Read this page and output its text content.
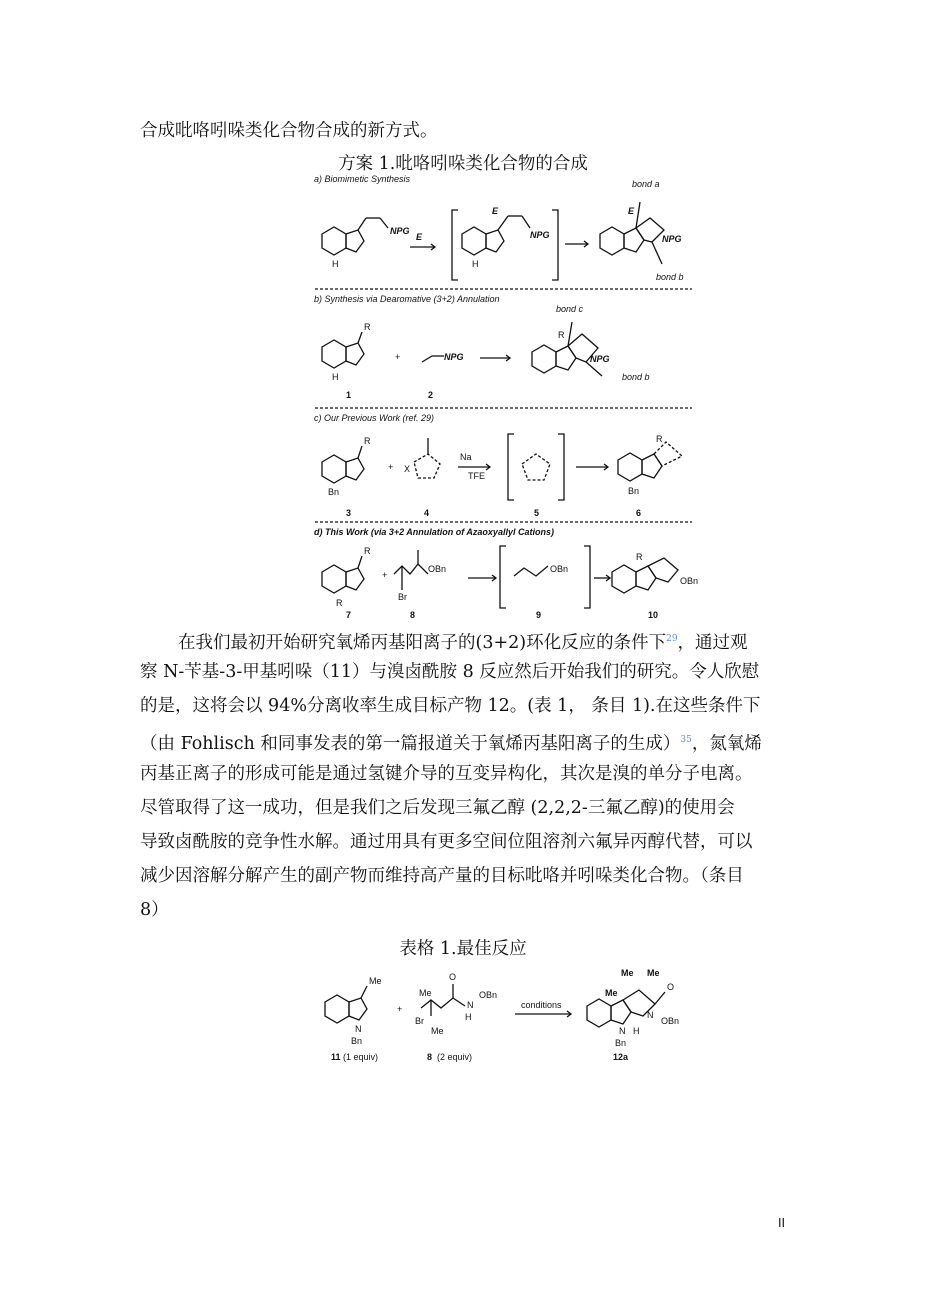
合成吡咯吲哚类化合物合成的新方式。
方案 1.吡咯吲哚类化合物的合成
a) Biomimetic Synthesis
b) Synthesis via Dearomative (3+2) Annulation
c) Our Previous Work (ref. 29)
d) This Work (via 3+2 Annulation of Azaoxyallyl Cations)
NPG
H
E
E
NPG
H
bond a
E
NPG
bond b
R
H
+	NPG
bond c
R
NPG
bond b
1	2
R
Bn
+ X
Na
TFE
Bn
R
3	4	5	6
R
R
+
OBn
Br
OBn
OBn
R
7	8	9	10
在我们最初开始研究氧烯丙基阳离子的(3+2)环化反应的条件下$^{29}$，通过观
察 N-苄基-3-甲基吲哚（11）与溴卤酰胺 8 反应然后开始我们的研究。令人欣慰
的是，这将会以 94%分离收率生成目标产物 12。(表 1， 条目 1).在这些条件下
（由 Fohlisch 和同事发表的第一篇报道关于氧烯丙基阳离子的生成）$^{35}$，氮氧烯
丙基正离子的形成可能是通过氢键介导的互变异构化，其次是溴的单分子电离。
尽管取得了这一成功，但是我们之后发现三氟乙醇 (2,2,2-三氟乙醇)的使用会
导致卤酰胺的竞争性水解。通过用具有更多空间位阻溶剂六氟异丙醇代替，可以
减少因溶解分解产生的副产物而维持高产量的目标吡咯并吲哚类化合物。（条目
8）
表格 1.最佳反应
Me
N
Bn
11 (1 equiv)
+
Me
Br
Me
O
N
H
OBn
8 (2 equiv)
conditions
Me Me
Me
O
N
OBn
N H
Bn
12a
II
